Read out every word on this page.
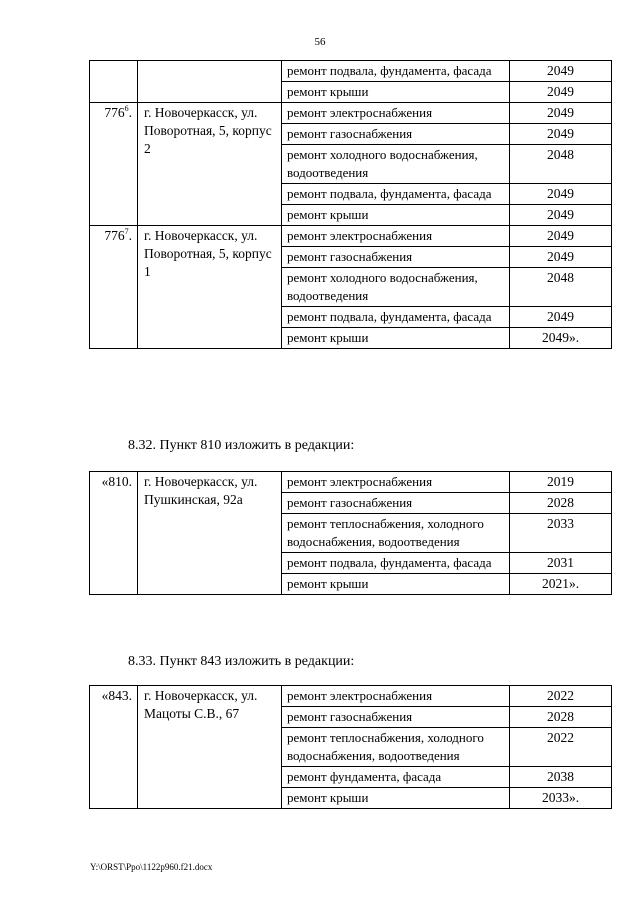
56
		ремонт подвала, фундамента, фасада	2049
		ремонт крыши	2049
$776^6$.	г. Новочеркасск, ул. Поворотная, 5, корпус 2	ремонт электроснабжения	2049
		ремонт газоснабжения	2049
		ремонт холодного водоснабжения, водоотведения	2048
		ремонт подвала, фундамента, фасада	2049
		ремонт крыши	2049
$776^7$.	г. Новочеркасск, ул. Поворотная, 5, корпус 1	ремонт электроснабжения	2049
		ремонт газоснабжения	2049
		ремонт холодного водоснабжения, водоотведения	2048
		ремонт подвала, фундамента, фасада	2049
		ремонт крыши	2049».
8.32. Пункт 810 изложить в редакции:
«810.	г. Новочеркасск, ул. Пушкинская, 92а	ремонт электроснабжения	2019
		ремонт газоснабжения	2028
		ремонт теплоснабжения, холодного водоснабжения, водоотведения	2033
		ремонт подвала, фундамента, фасада	2031
		ремонт крыши	2021».
8.33. Пункт 843 изложить в редакции:
«843.	г. Новочеркасск, ул. Мацоты С.В., 67	ремонт электроснабжения	2022
		ремонт газоснабжения	2028
		ремонт теплоснабжения, холодного водоснабжения, водоотведения	2022
		ремонт фундамента, фасада	2038
		ремонт крыши	2033».
Y:\ORST\Ppo\1122p960.f21.docx
